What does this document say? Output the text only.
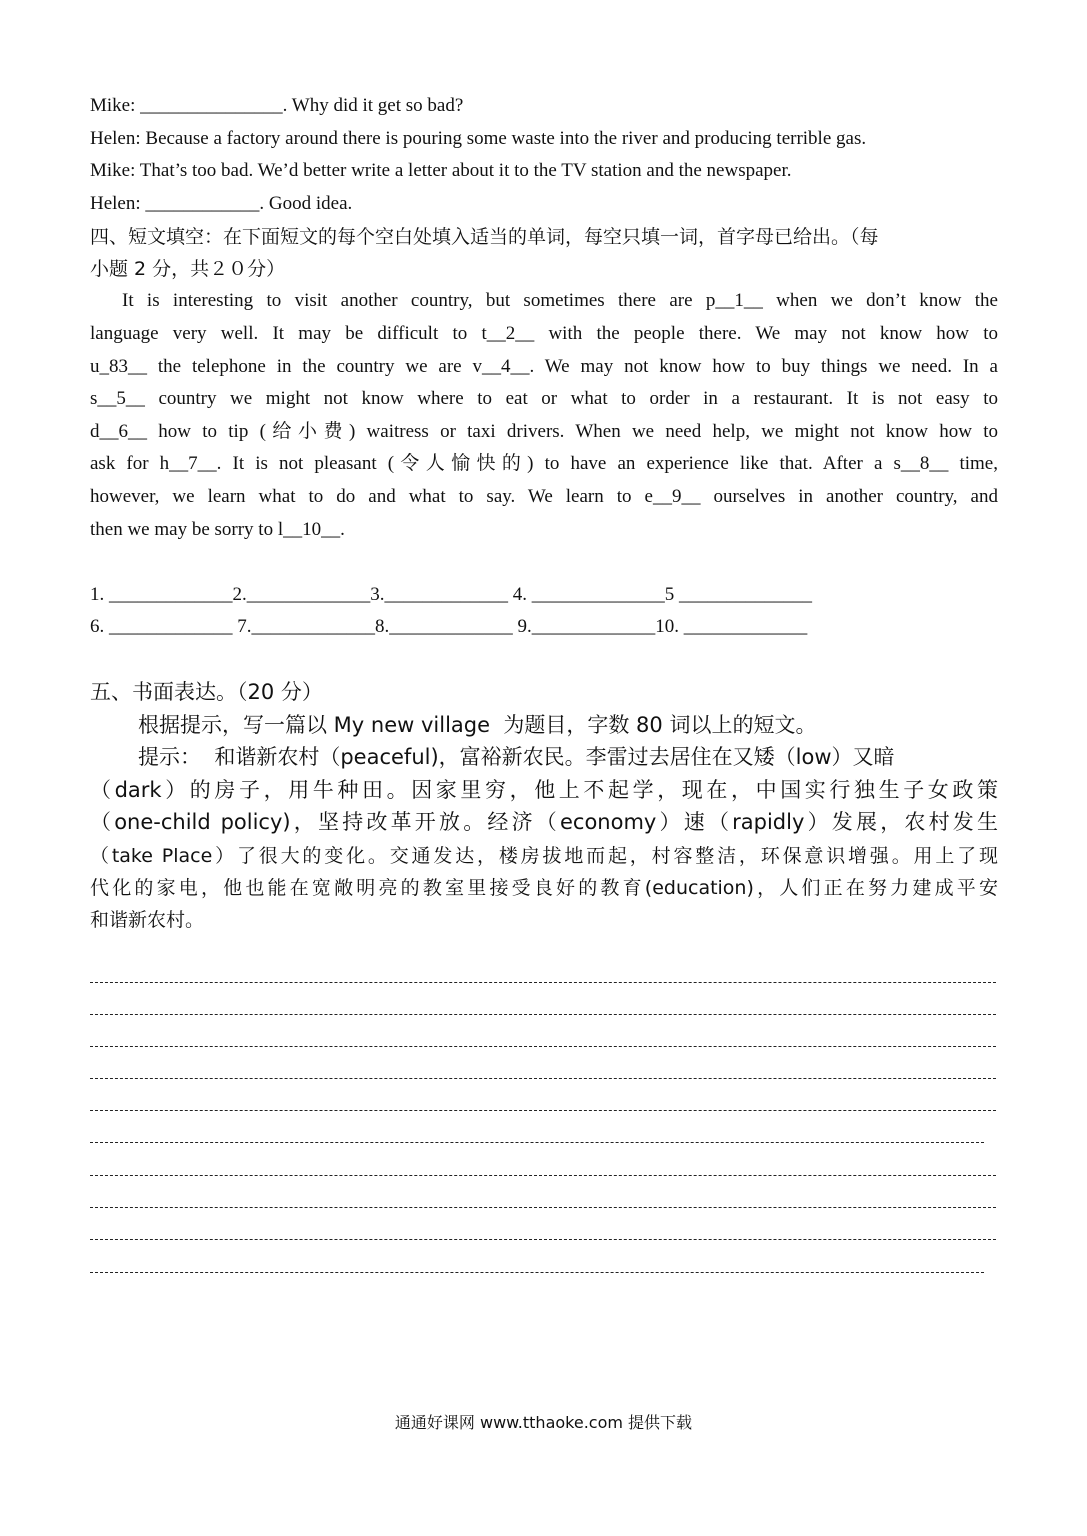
Mike: _______________. Why did it get so bad?
Helen: Because a factory around there is pouring some waste into the river and producing terrible gas.
Mike: That’s too bad. We’d better write a letter about it to the TV station and the newspaper.
Helen: ____________. Good idea.
四、短文填空：在下面短文的每个空白处填入适当的单词，每空只填一词，首字母已给出。（每
小题 2 分，共２０分）
It is interesting to visit another country, but sometimes there are p__1__ when we don’t know the
language very well. It may be difficult to t__2__ with the people there. We may not know how to
u_83__ the telephone in the country we are v__4__. We may not know how to buy things we need. In a
s__5__ country we might not know where to eat or what to order in a restaurant. It is not easy to
d__6__ how to tip (给小费) waitress or taxi drivers. When we need help, we might not know how to
ask for h__7__. It is not pleasant (令人愉快的) to have an experience like that. After a s__8__ time,
however, we learn what to do and what to say. We learn to e__9__ ourselves in another country, and
then we may be sorry to l__10__.
1. _____________2._____________3._____________ 4. ______________5 ______________
6. _____________ 7._____________8._____________ 9._____________10. _____________
五、书面表达。（20 分）
根据提示，写一篇以 My new village  为题目，字数 80 词以上的短文。
提示：  和谐新农村（peaceful)，富裕新农民。李雷过去居住在又矮（low）又暗
（dark）的房子，用牛种田。因家里穷，他上不起学，现在，中国实行独生子女政策
（one-child policy)，坚持改革开放。经济（economy）速（rapidly）发展，农村发生
（take Place）了很大的变化。交通发达，楼房拔地而起，村容整洁，环保意识增强。用上了现
代化的家电，他也能在宽敞明亮的教室里接受良好的教育(education)，人们正在努力建成平安
和谐新农村。
通通好课网 www.tthaoke.com 提供下载
